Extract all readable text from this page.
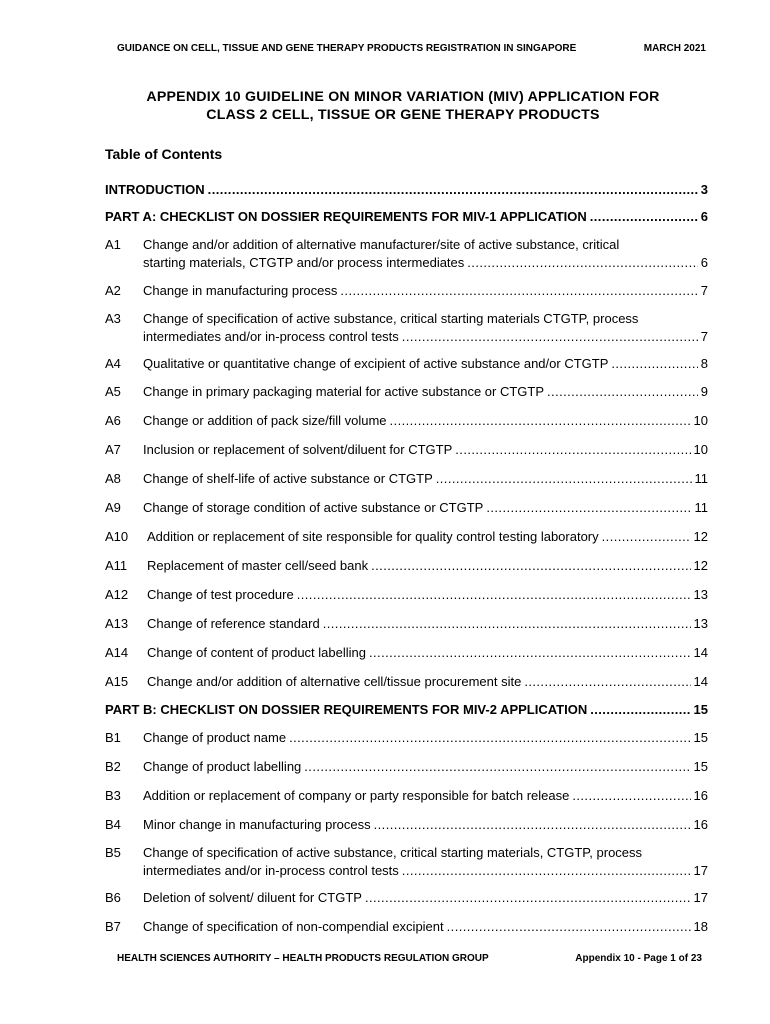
GUIDANCE ON CELL, TISSUE AND GENE THERAPY PRODUCTS REGISTRATION IN SINGAPORE	MARCH 2021
APPENDIX 10 GUIDELINE ON MINOR VARIATION (MIV) APPLICATION FOR
CLASS 2 CELL, TISSUE OR GENE THERAPY PRODUCTS
Table of Contents
INTRODUCTION . . .	3
PART A: CHECKLIST ON DOSSIER REQUIREMENTS FOR MIV-1 APPLICATION . . .	6
A1	Change and/or addition of alternative manufacturer/site of active substance, critical
starting materials, CTGTP and/or process intermediates . . .	6
A2	Change in manufacturing process . . .	7
A3	Change of specification of active substance, critical starting materials CTGTP, process
intermediates and/or in-process control tests . . .	7
A4	Qualitative or quantitative change of excipient of active substance and/or CTGTP . . .	8
A5	Change in primary packaging material for active substance or CTGTP . . .	9
A6	Change or addition of pack size/fill volume . . .	10
A7	Inclusion or replacement of solvent/diluent for CTGTP . . .	10
A8	Change of shelf-life of active substance or CTGTP . . .	11
A9	Change of storage condition of active substance or CTGTP . . .	11
A10	Addition or replacement of site responsible for quality control testing laboratory . . .	12
A11	Replacement of master cell/seed bank . . .	12
A12	Change of test procedure . . .	13
A13	Change of reference standard . . .	13
A14	Change of content of product labelling . . .	14
A15	Change and/or addition of alternative cell/tissue procurement site . . .	14
PART B: CHECKLIST ON DOSSIER REQUIREMENTS FOR MIV-2 APPLICATION . . .	15
B1	Change of product name . . .	15
B2	Change of product labelling . . .	15
B3	Addition or replacement of company or party responsible for batch release . . .	16
B4	Minor change in manufacturing process . . .	16
B5	Change of specification of active substance, critical starting materials, CTGTP, process
intermediates and/or in-process control tests . . .	17
B6	Deletion of solvent/ diluent for CTGTP . . .	17
B7	Change of specification of non-compendial excipient . . .	18
HEALTH SCIENCES AUTHORITY – HEALTH PRODUCTS REGULATION GROUP	Appendix 10 - Page 1 of 23
